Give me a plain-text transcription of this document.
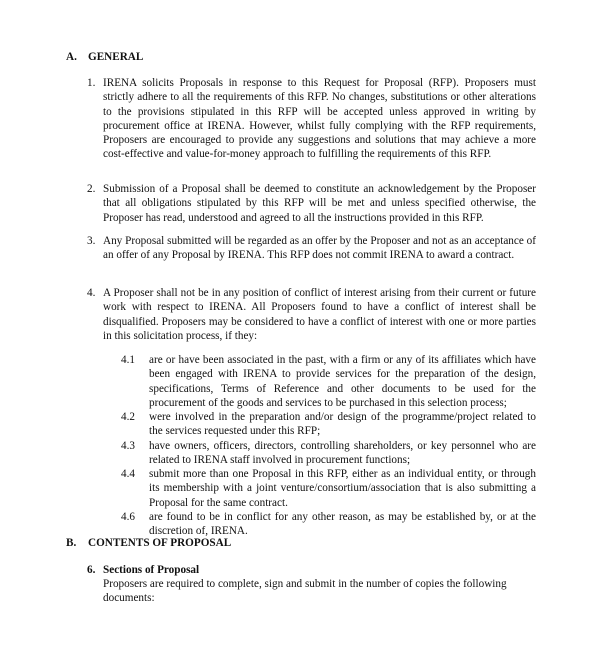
A. GENERAL
1. IRENA solicits Proposals in response to this Request for Proposal (RFP). Proposers must strictly adhere to all the requirements of this RFP. No changes, substitutions or other alterations to the provisions stipulated in this RFP will be accepted unless approved in writing by procurement office at IRENA. However, whilst fully complying with the RFP requirements, Proposers are encouraged to provide any suggestions and solutions that may achieve a more cost-effective and value-for-money approach to fulfilling the requirements of this RFP.
2. Submission of a Proposal shall be deemed to constitute an acknowledgement by the Proposer that all obligations stipulated by this RFP will be met and unless specified otherwise, the Proposer has read, understood and agreed to all the instructions provided in this RFP.
3. Any Proposal submitted will be regarded as an offer by the Proposer and not as an acceptance of an offer of any Proposal by IRENA. This RFP does not commit IRENA to award a contract.
4. A Proposer shall not be in any position of conflict of interest arising from their current or future work with respect to IRENA. All Proposers found to have a conflict of interest shall be disqualified. Proposers may be considered to have a conflict of interest with one or more parties in this solicitation process, if they:
4.1 are or have been associated in the past, with a firm or any of its affiliates which have been engaged with IRENA to provide services for the preparation of the design, specifications, Terms of Reference and other documents to be used for the procurement of the goods and services to be purchased in this selection process;
4.2 were involved in the preparation and/or design of the programme/project related to the services requested under this RFP;
4.3 have owners, officers, directors, controlling shareholders, or key personnel who are related to IRENA staff involved in procurement functions;
4.4 submit more than one Proposal in this RFP, either as an individual entity, or through its membership with a joint venture/consortium/association that is also submitting a Proposal for the same contract.
4.6 are found to be in conflict for any other reason, as may be established by, or at the discretion of, IRENA.
B. CONTENTS OF PROPOSAL
6. Sections of Proposal
Proposers are required to complete, sign and submit in the number of copies the following documents:
